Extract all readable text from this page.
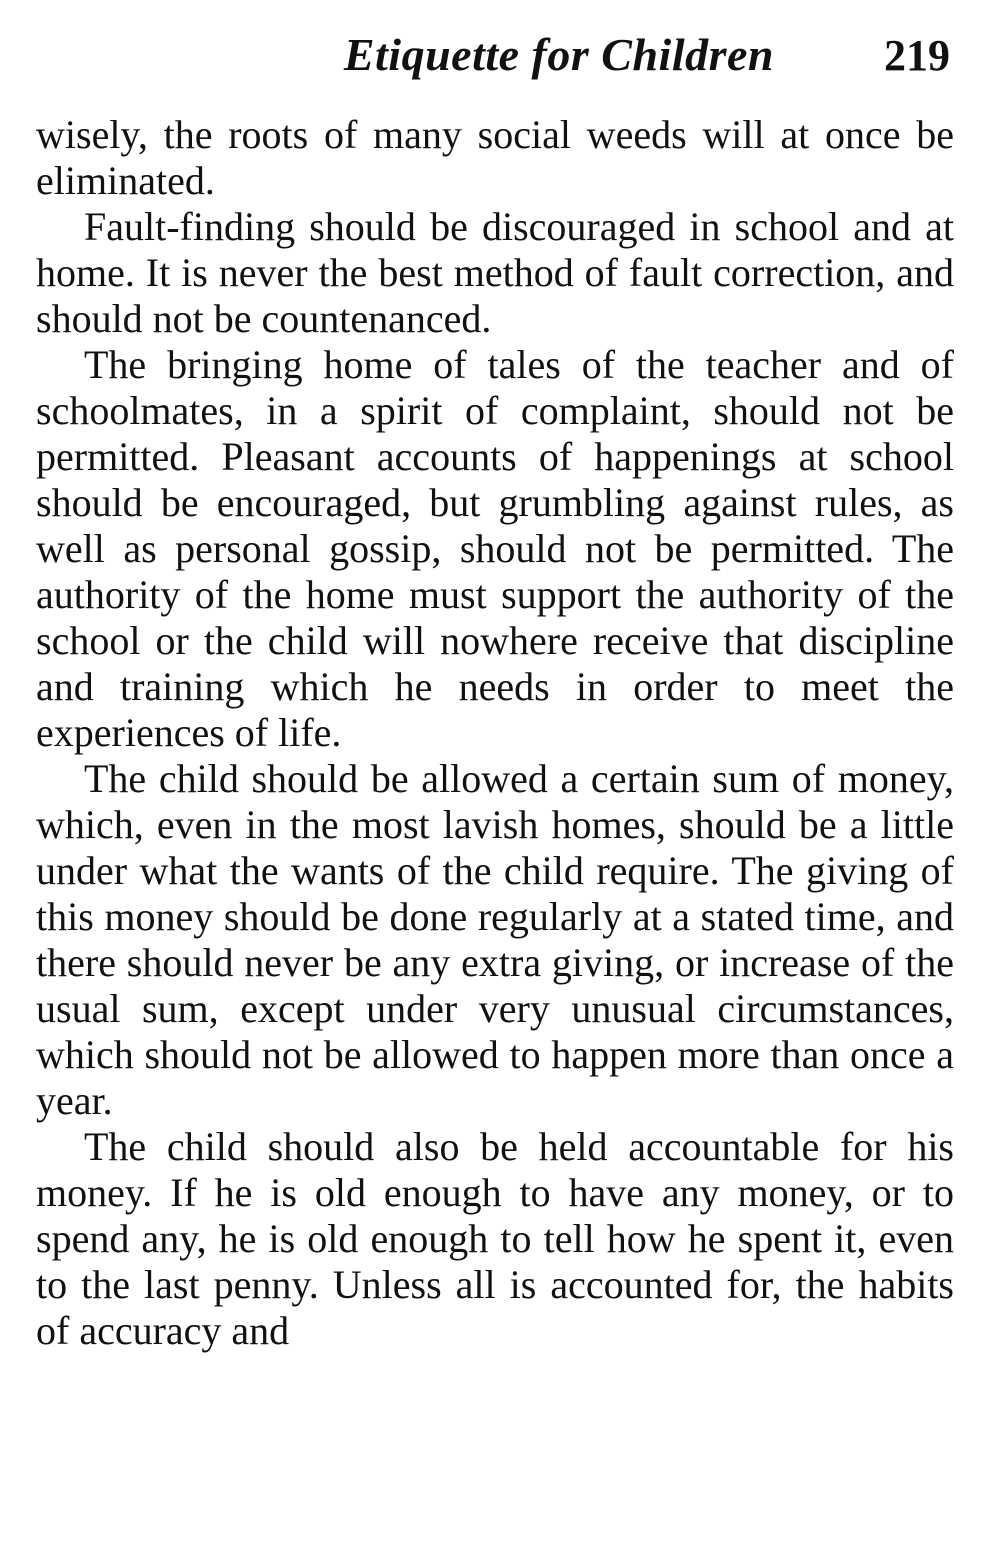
Etiquette for Children	219

wisely, the roots of many social weeds will at once be eliminated.

Fault-finding should be discouraged in school and at home. It is never the best method of fault correction, and should not be countenanced.

The bringing home of tales of the teacher and of schoolmates, in a spirit of complaint, should not be permitted. Pleasant accounts of happenings at school should be encouraged, but grumbling against rules, as well as personal gossip, should not be permitted. The authority of the home must support the authority of the school or the child will nowhere receive that discipline and training which he needs in order to meet the experiences of life.

The child should be allowed a certain sum of money, which, even in the most lavish homes, should be a little under what the wants of the child require. The giving of this money should be done regularly at a stated time, and there should never be any extra giving, or increase of the usual sum, except under very unusual circumstances, which should not be allowed to happen more than once a year.

The child should also be held accountable for his money. If he is old enough to have any money, or to spend any, he is old enough to tell how he spent it, even to the last penny. Unless all is accounted for, the habits of accuracy and
